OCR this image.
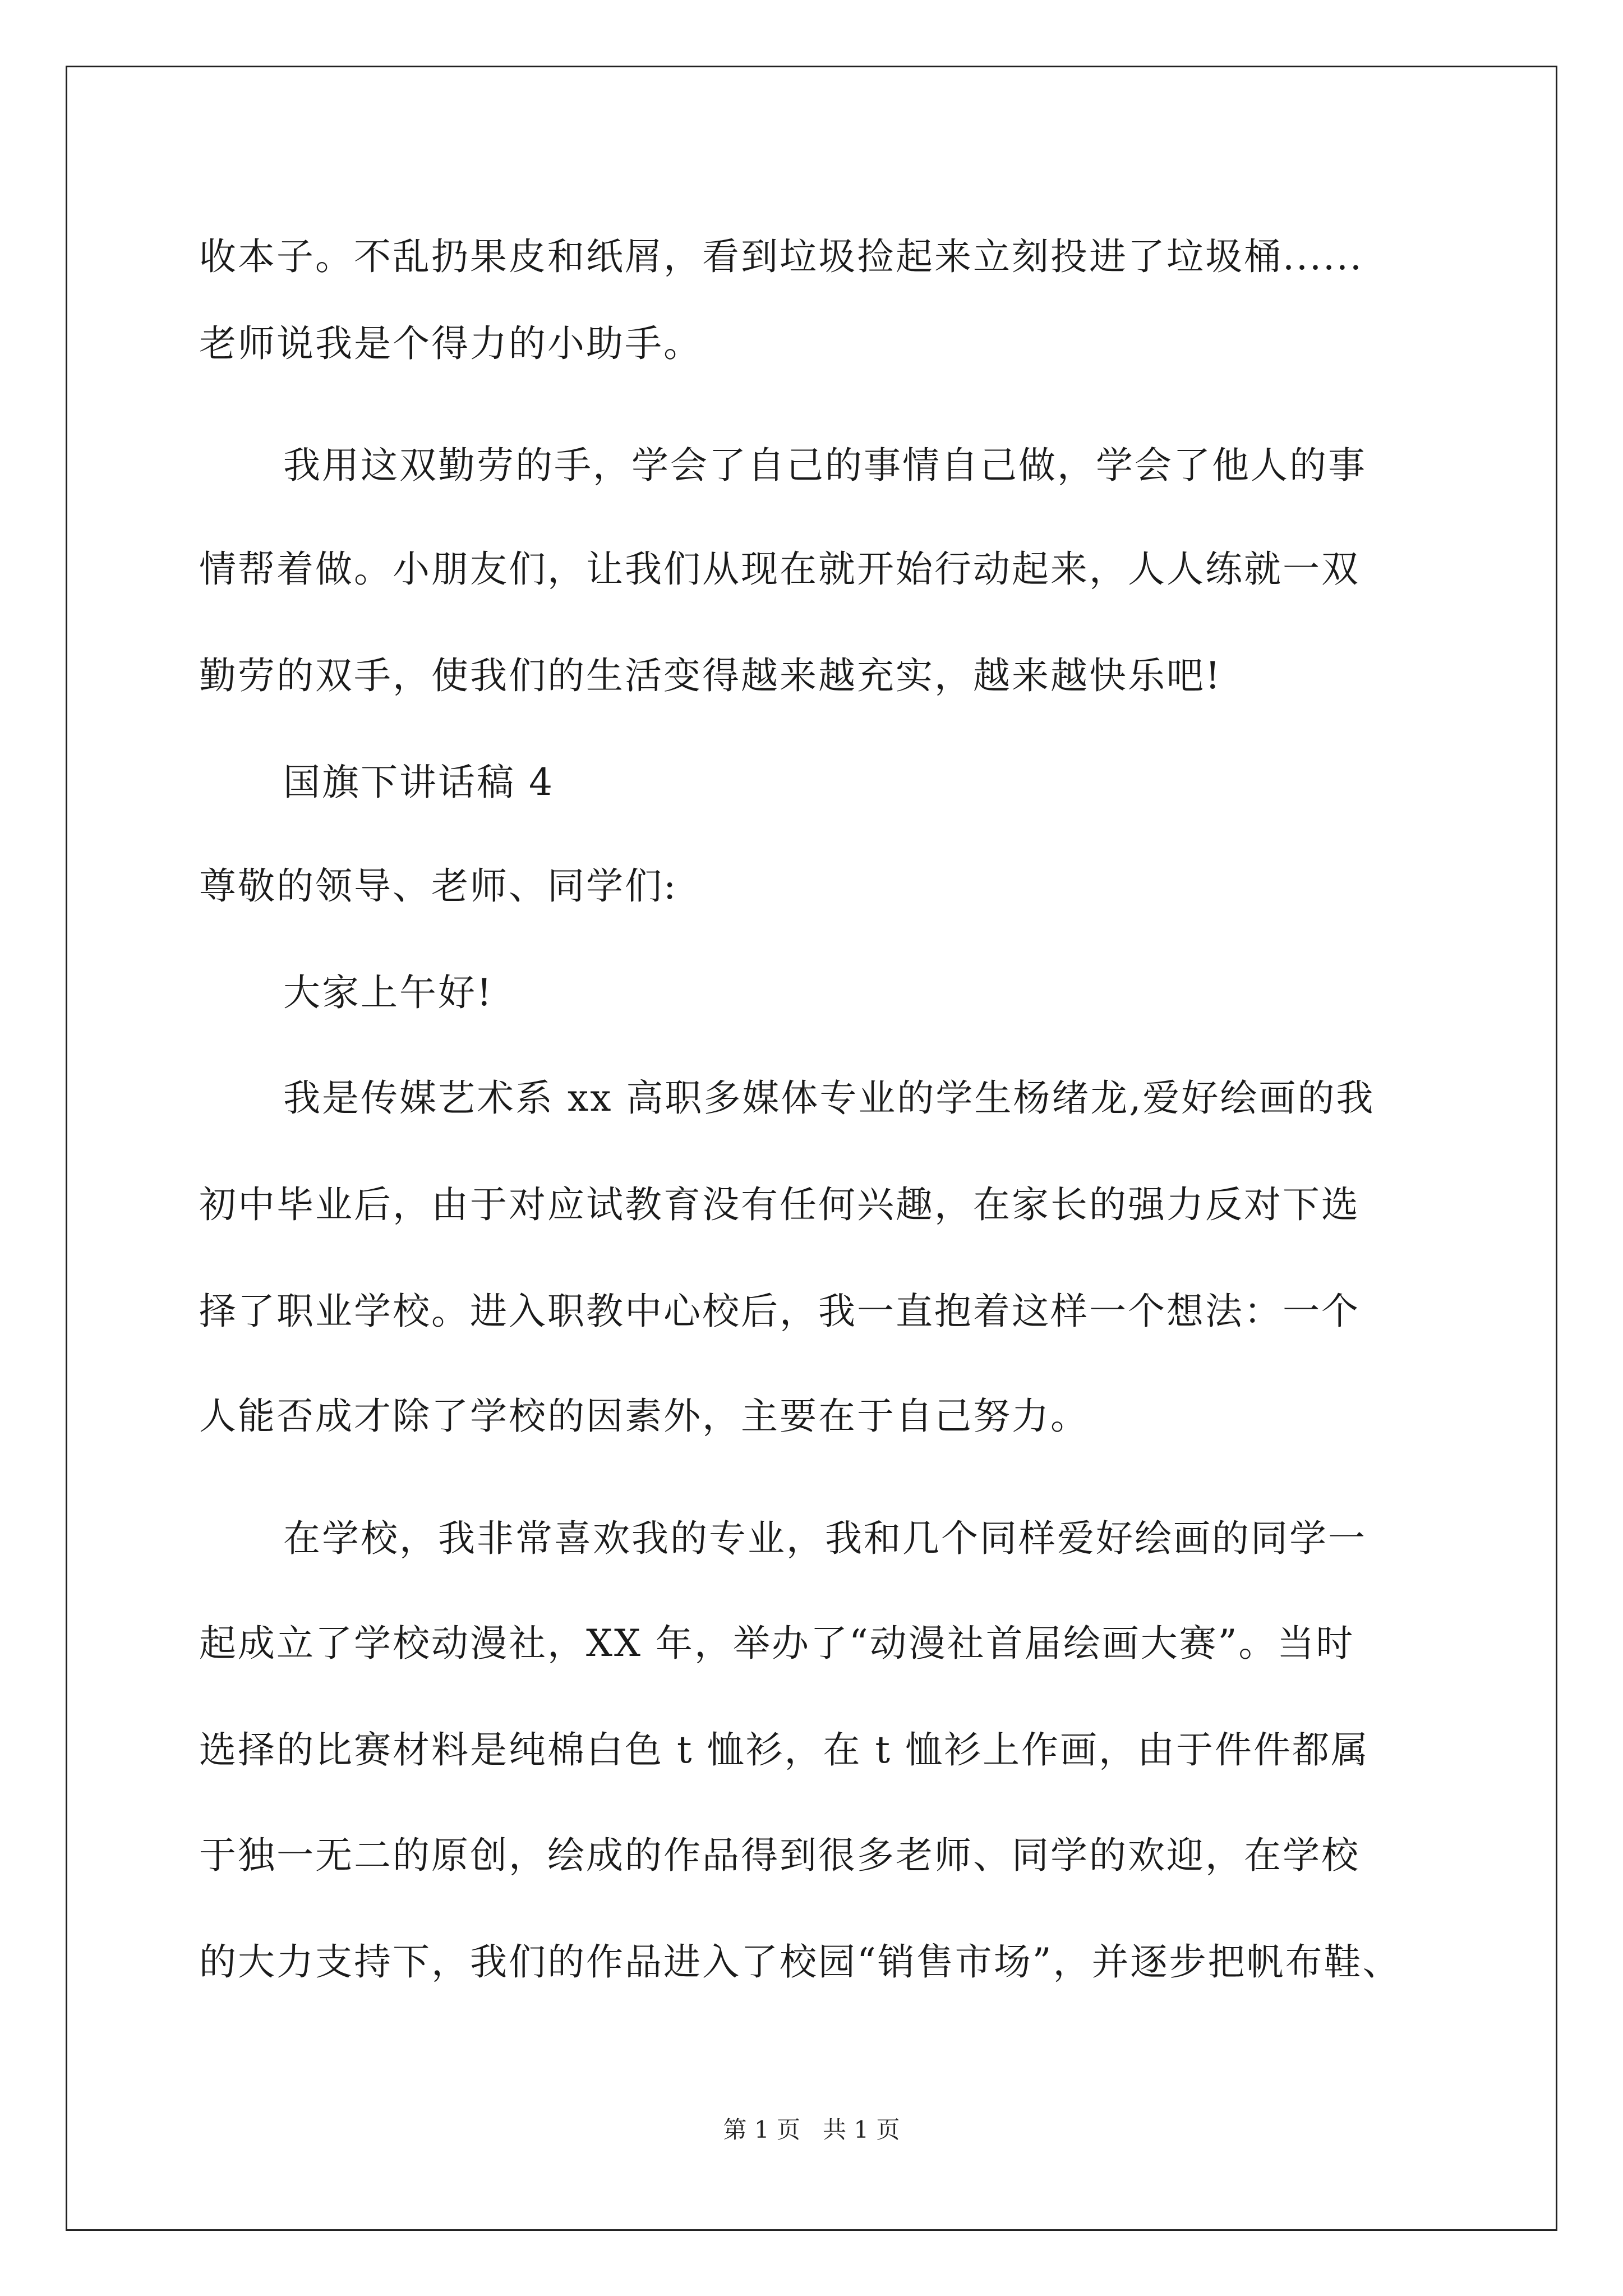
收本子。不乱扔果皮和纸屑，看到垃圾捡起来立刻投进了垃圾桶......
老师说我是个得力的小助手。
我用这双勤劳的手，学会了自己的事情自己做，学会了他人的事
情帮着做。小朋友们，让我们从现在就开始行动起来，人人练就一双
勤劳的双手，使我们的生活变得越来越充实，越来越快乐吧!
国旗下讲话稿 4
尊敬的领导、老师、同学们:
大家上午好!
我是传媒艺术系 xx 高职多媒体专业的学生杨绪龙,爱好绘画的我
初中毕业后，由于对应试教育没有任何兴趣，在家长的强力反对下选
择了职业学校。进入职教中心校后，我一直抱着这样一个想法：一个
人能否成才除了学校的因素外，主要在于自己努力。
在学校，我非常喜欢我的专业，我和几个同样爱好绘画的同学一
起成立了学校动漫社，XX 年，举办了“动漫社首届绘画大赛”。当时
选择的比赛材料是纯棉白色 t 恤衫，在 t 恤衫上作画，由于件件都属
于独一无二的原创，绘成的作品得到很多老师、同学的欢迎，在学校
的大力支持下，我们的作品进入了校园“销售市场”，并逐步把帆布鞋、
第 1 页   共 1 页
